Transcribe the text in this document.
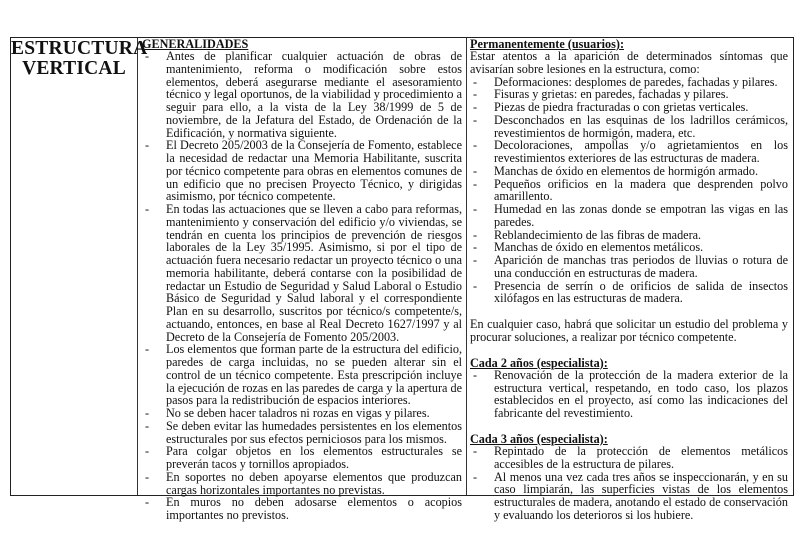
ESTRUCTURA
VERTICAL
GENERALIDADES
- Antes de planificar cualquier actuación de obras de mantenimiento, reforma o modificación sobre estos elementos, deberá asegurarse mediante el asesoramiento técnico y legal oportunos, de la viabilidad y procedimiento a seguir para ello, a la vista de la Ley 38/1999 de 5 de noviembre, de la Jefatura del Estado, de Ordenación de la Edificación, y normativa siguiente.
- El Decreto 205/2003 de la Consejería de Fomento, establece la necesidad de redactar una Memoria Habilitante, suscrita por técnico competente para obras en elementos comunes de un edificio que no precisen Proyecto Técnico, y dirigidas asimismo, por técnico competente.
- En todas las actuaciones que se lleven a cabo para reformas, mantenimiento y conservación del edificio y/o viviendas, se tendrán en cuenta los principios de prevención de riesgos laborales de la Ley 35/1995. Asimismo, si por el tipo de actuación fuera necesario redactar un proyecto técnico o una memoria habilitante, deberá contarse con la posibilidad de redactar un Estudio de Seguridad y Salud Laboral o Estudio Básico de Seguridad y Salud laboral y el correspondiente Plan en su desarrollo, suscritos por técnico/s competente/s, actuando, entonces, en base al Real Decreto 1627/1997 y al Decreto de la Consejería de Fomento 205/2003.
- Los elementos que forman parte de la estructura del edificio, paredes de carga incluidas, no se pueden alterar sin el control de un técnico competente. Esta prescripción incluye la ejecución de rozas en las paredes de carga y la apertura de pasos para la redistribución de espacios interiores.
- No se deben hacer taladros ni rozas en vigas y pilares.
- Se deben evitar las humedades persistentes en los elementos estructurales por sus efectos perniciosos para los mismos.
- Para colgar objetos en los elementos estructurales se preverán tacos y tornillos apropiados.
- En soportes no deben apoyarse elementos que produzcan cargas horizontales importantes no previstas.
- En muros no deben adosarse elementos o acopios importantes no previstos.
Permanentemente (usuarios):

Estar atentos a la aparición de determinados síntomas que avisarían sobre lesiones en la estructura, como:

- Deformaciones: desplomes de paredes, fachadas y pilares.
- Fisuras y grietas: en paredes, fachadas y pilares.
- Piezas de piedra fracturadas o con grietas verticales.
- Desconchados en las esquinas de los ladrillos cerámicos, revestimientos de hormigón, madera, etc.
- Decoloraciones, ampollas y/o agrietamientos en los revestimientos exteriores de las estructuras de madera.
- Manchas de óxido en elementos de hormigón armado.
- Pequeños orificios en la madera que desprenden polvo amarillento.
- Humedad en las zonas donde se empotran las vigas en las paredes.
- Reblandecimiento de las fibras de madera.
- Manchas de óxido en elementos metálicos.
- Aparición de manchas tras periodos de lluvias o rotura de una conducción en estructuras de madera.
- Presencia de serrín o de orificios de salida de insectos xilófagos en las estructuras de madera.

En cualquier caso, habrá que solicitar un estudio del problema y procurar soluciones, a realizar por técnico competente.

Cada 2 años (especialista):
- Renovación de la protección de la madera exterior de la estructura vertical, respetando, en todo caso, los plazos establecidos en el proyecto, así como las indicaciones del fabricante del revestimiento.
Cada 3 años (especialista):
- Repintado de la protección de elementos metálicos accesibles de la estructura de pilares.
- Al menos una vez cada tres años se inspeccionarán, y en su caso limpiarán, las superficies vistas de los elementos estructurales de madera, anotando el estado de conservación y evaluando los deterioros si los hubiere.
